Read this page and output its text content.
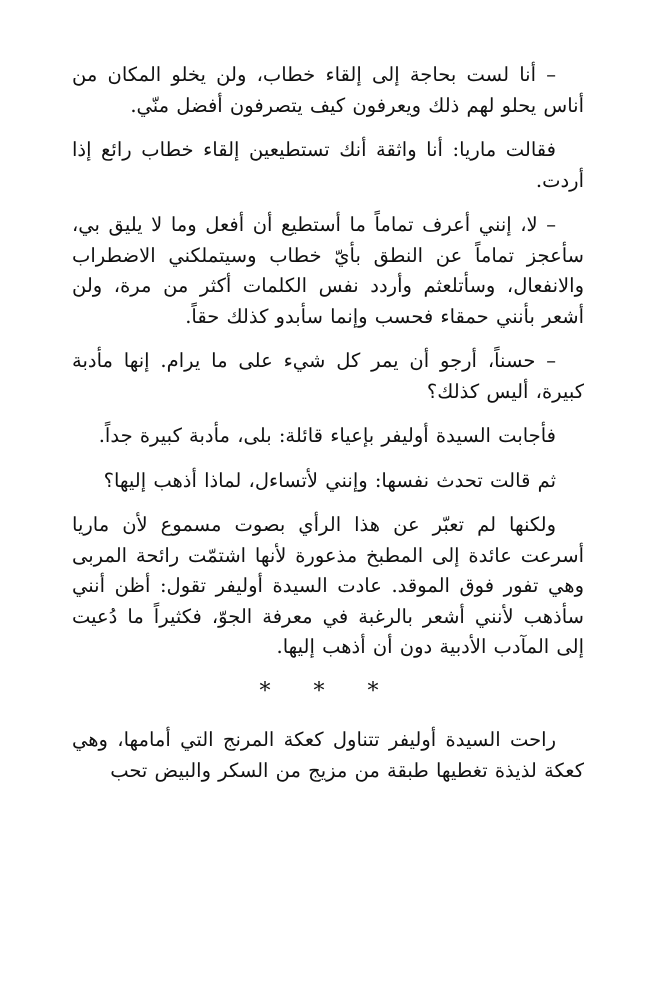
– أنا لست بحاجة إلى إلقاء خطاب، ولن يخلو المكان من أناس يحلو لهم ذلك ويعرفون كيف يتصرفون أفضل منّي.

فقالت ماريا: أنا واثقة أنك تستطيعين إلقاء خطاب رائع إذا أردت.

– لا، إنني أعرف تماماً ما أستطيع أن أفعل وما لا يليق بي، سأعجز تماماً عن النطق بأيّ خطاب وسيتملكني الاضطراب والانفعال، وسأتلعثم وأردد نفس الكلمات أكثر من مرة، ولن أشعر بأنني حمقاء فحسب وإنما سأبدو كذلك حقاً.

– حسناً، أرجو أن يمر كل شيء على ما يرام. إنها مأدبة كبيرة، أليس كذلك؟

فأجابت السيدة أوليفر بإعياء قائلة: بلى، مأدبة كبيرة جداً.

ثم قالت تحدث نفسها: وإنني لأتساءل، لماذا أذهب إليها؟

ولكنها لم تعبّر عن هذا الرأي بصوت مسموع لأن ماريا أسرعت عائدة إلى المطبخ مذعورة لأنها اشتمّت رائحة المربى وهي تفور فوق الموقد. عادت السيدة أوليفر تقول: أظن أنني سأذهب لأنني أشعر بالرغبة في معرفة الجوّ، فكثيراً ما دُعيت إلى المآدب الأدبية دون أن أذهب إليها.

* * *

راحت السيدة أوليفر تتناول كعكة المرنج التي أمامها، وهي كعكة لذيذة تغطيها طبقة من مزيج من السكر والبيض تحب
